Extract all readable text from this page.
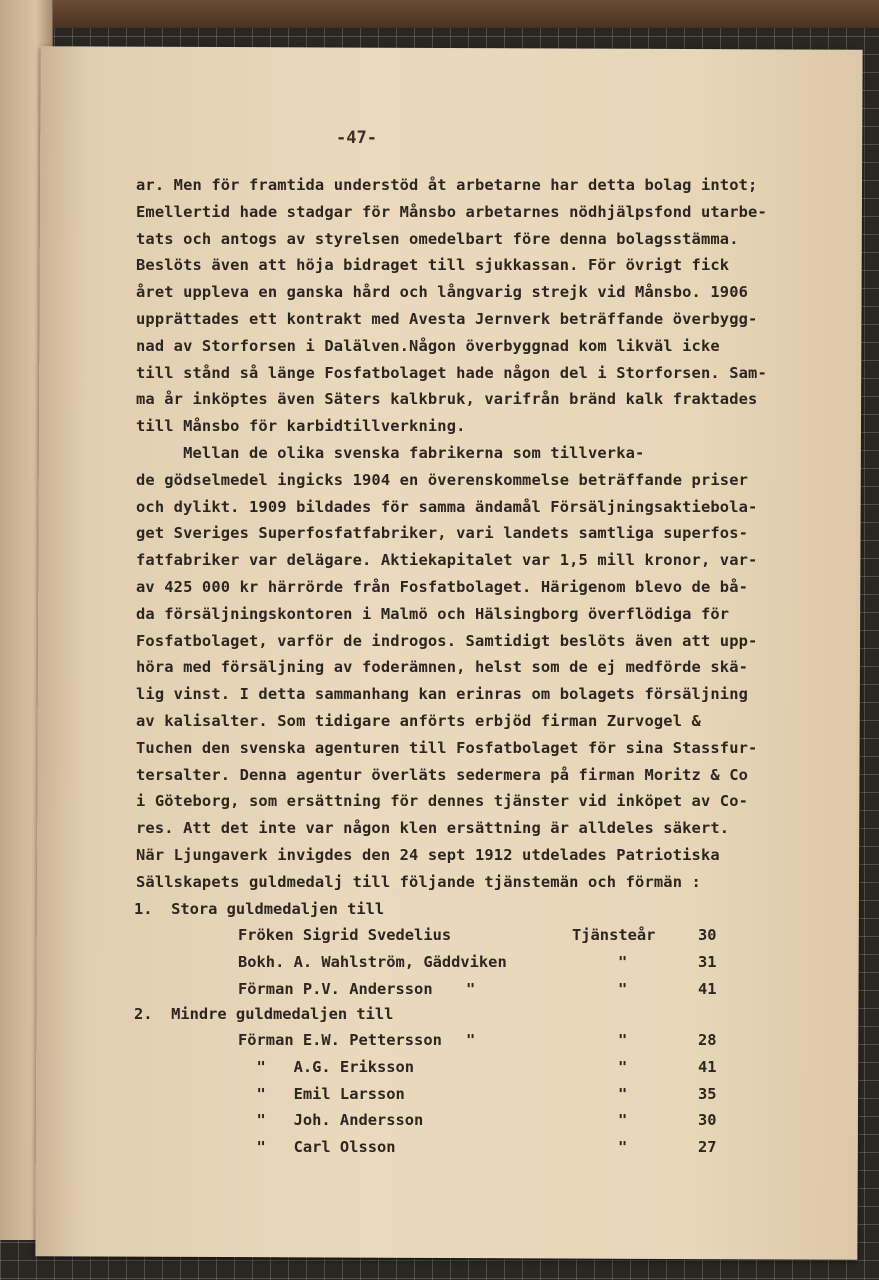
-47-
ar. Men för framtida understöd åt arbetarne har detta bolag intot;
Emellertid hade stadgar för Månsbo arbetarnes nödhjälpsfond utarbe-
tats och antogs av styrelsen omedelbart före denna bolagsstämma.
Beslöts även att höja bidraget till sjukkassan. För övrigt fick
året uppleva en ganska hård och långvarig strejk vid Månsbo. 1906
upprättades ett kontrakt med Avesta Jernverk beträffande överbygg-
nad av Storforsen i Dalälven.Någon överbyggnad kom likväl icke
till stånd så länge Fosfatbolaget hade någon del i Storforsen. Sam-
ma år inköptes även Säters kalkbruk, varifrån bränd kalk fraktades
till Månsbo för karbidtillverkning.
Mellan de olika svenska fabrikerna som tillverka-
de gödselmedel ingicks 1904 en överenskommelse beträffande priser
och dylikt. 1909 bildades för samma ändamål Försäljningsaktiebola-
get Sveriges Superfosfatfabriker, vari landets samtliga superfos-
fatfabriker var delägare. Aktiekapitalet var 1,5 mill kronor, var-
av 425 000 kr härrörde från Fosfatbolaget. Härigenom blevo de bå-
da försäljningskontoren i Malmö och Hälsingborg överflödiga för
Fosfatbolaget, varför de indrogos. Samtidigt beslöts även att upp-
höra med försäljning av foderämnen, helst som de ej medförde skä-
lig vinst. I detta sammanhang kan erinras om bolagets försäljning
av kalisalter. Som tidigare anförts erbjöd firman Zurvogel &
Tuchen den svenska agenturen till Fosfatbolaget för sina Stassfur-
tersalter. Denna agentur överläts sedermera på firman Moritz & Co
i Göteborg, som ersättning för dennes tjänster vid inköpet av Co-
res. Att det inte var någon klen ersättning är alldeles säkert.
När Ljungaverk invigdes den 24 sept 1912 utdelades Patriotiska
Sällskapets guldmedalj till följande tjänstemän och förmän :
1.  Stora guldmedaljen till
Fröken Sigrid Svedelius	Tjänsteår	30
Bokh. A. Wahlström, Gäddviken	"	31
Förman P.V. Andersson "	"	41
2.  Mindre guldmedaljen till
Förman E.W. Pettersson "	"	28
"   A.G. Eriksson	"	41
"   Emil Larsson	"	35
"   Joh. Andersson	"	30
"   Carl Olsson	"	27
